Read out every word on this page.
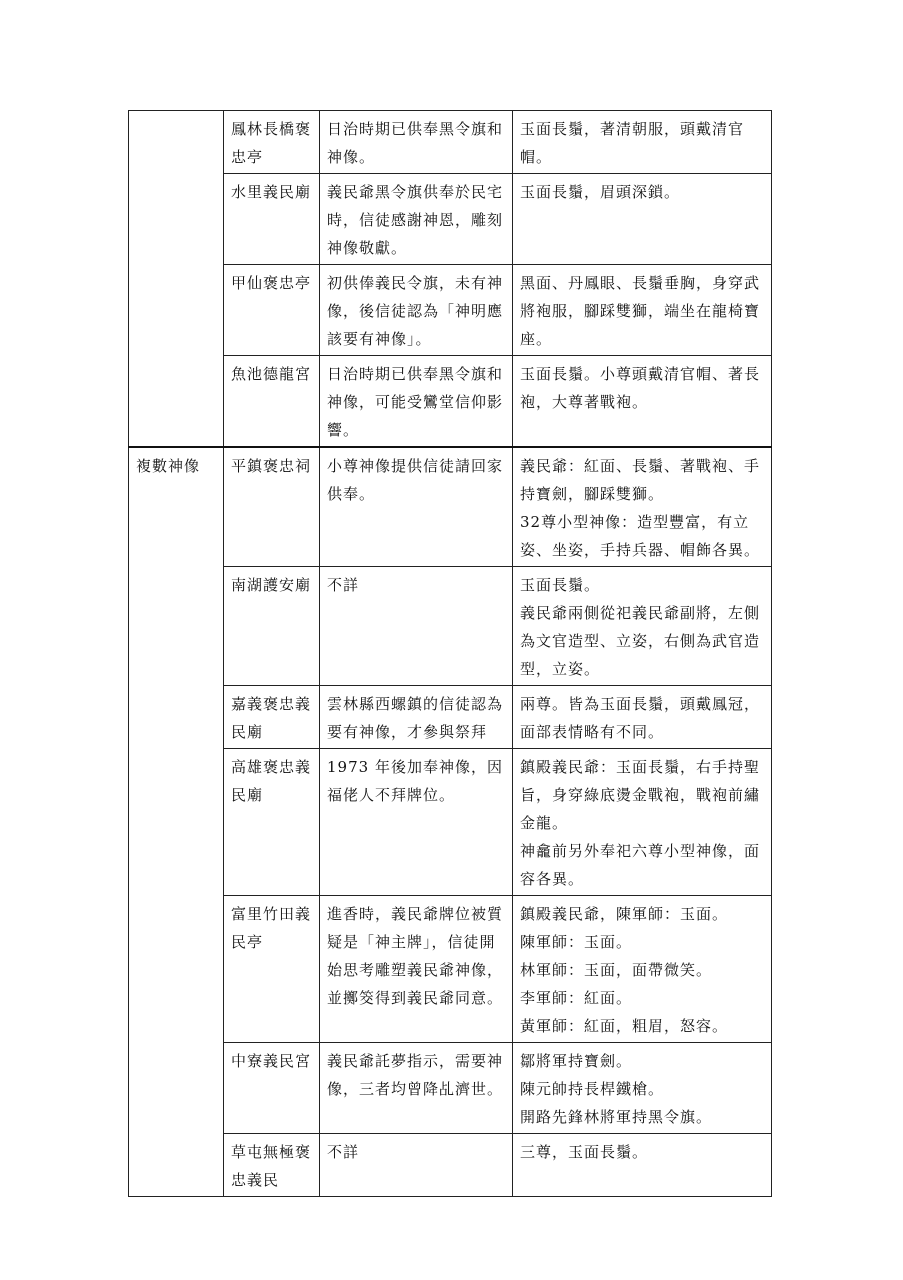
	鳳林長橋褒忠亭	日治時期已供奉黑令旗和神像。	玉面長鬚，著清朝服，頭戴清官帽。

	水里義民廟	義民爺黑令旗供奉於民宅時，信徒感謝神恩，雕刻神像敬獻。	玉面長鬚，眉頭深鎖。

	甲仙褒忠亭	初供俸義民令旗，未有神像，後信徒認為「神明應該要有神像」。	黑面、丹鳳眼、長鬚垂胸，身穿武將袍服，腳踩雙獅，端坐在龍椅寶座。

	魚池德龍宮	日治時期已供奉黑令旗和神像，可能受鸞堂信仰影響。	玉面長鬚。小尊頭戴清官帽、著長袍，大尊著戰袍。

複數神像	平鎮褒忠祠	小尊神像提供信徒請回家供奉。	義民爺：紅面、長鬚、著戰袍、手持寶劍，腳踩雙獅。
32尊小型神像：造型豐富，有立姿、坐姿，手持兵器、帽飾各異。

	南湖護安廟	不詳	玉面長鬚。
義民爺兩側從祀義民爺副將，左側為文官造型、立姿，右側為武官造型，立姿。

	嘉義褒忠義民廟	雲林縣西螺鎮的信徒認為要有神像，才參與祭拜	兩尊。皆為玉面長鬚，頭戴鳳冠，面部表情略有不同。

	高雄褒忠義民廟	1973 年後加奉神像，因福佬人不拜牌位。	鎮殿義民爺：玉面長鬚，右手持聖旨，身穿綠底燙金戰袍，戰袍前繡金龍。
神龕前另外奉祀六尊小型神像，面容各異。

	富里竹田義民亭	進香時，義民爺牌位被質疑是「神主牌」，信徒開始思考雕塑義民爺神像，並擲筊得到義民爺同意。	鎮殿義民爺，陳軍師：玉面。
陳軍師：玉面。
林軍師：玉面，面帶微笑。
李軍師：紅面。
黃軍師：紅面，粗眉，怒容。

	中寮義民宮	義民爺託夢指示，需要神像，三者均曾降乩濟世。	鄒將軍持寶劍。
陳元帥持長桿鐵槍。
開路先鋒林將軍持黑令旗。

	草屯無極褒忠義民	不詳	三尊，玉面長鬚。
